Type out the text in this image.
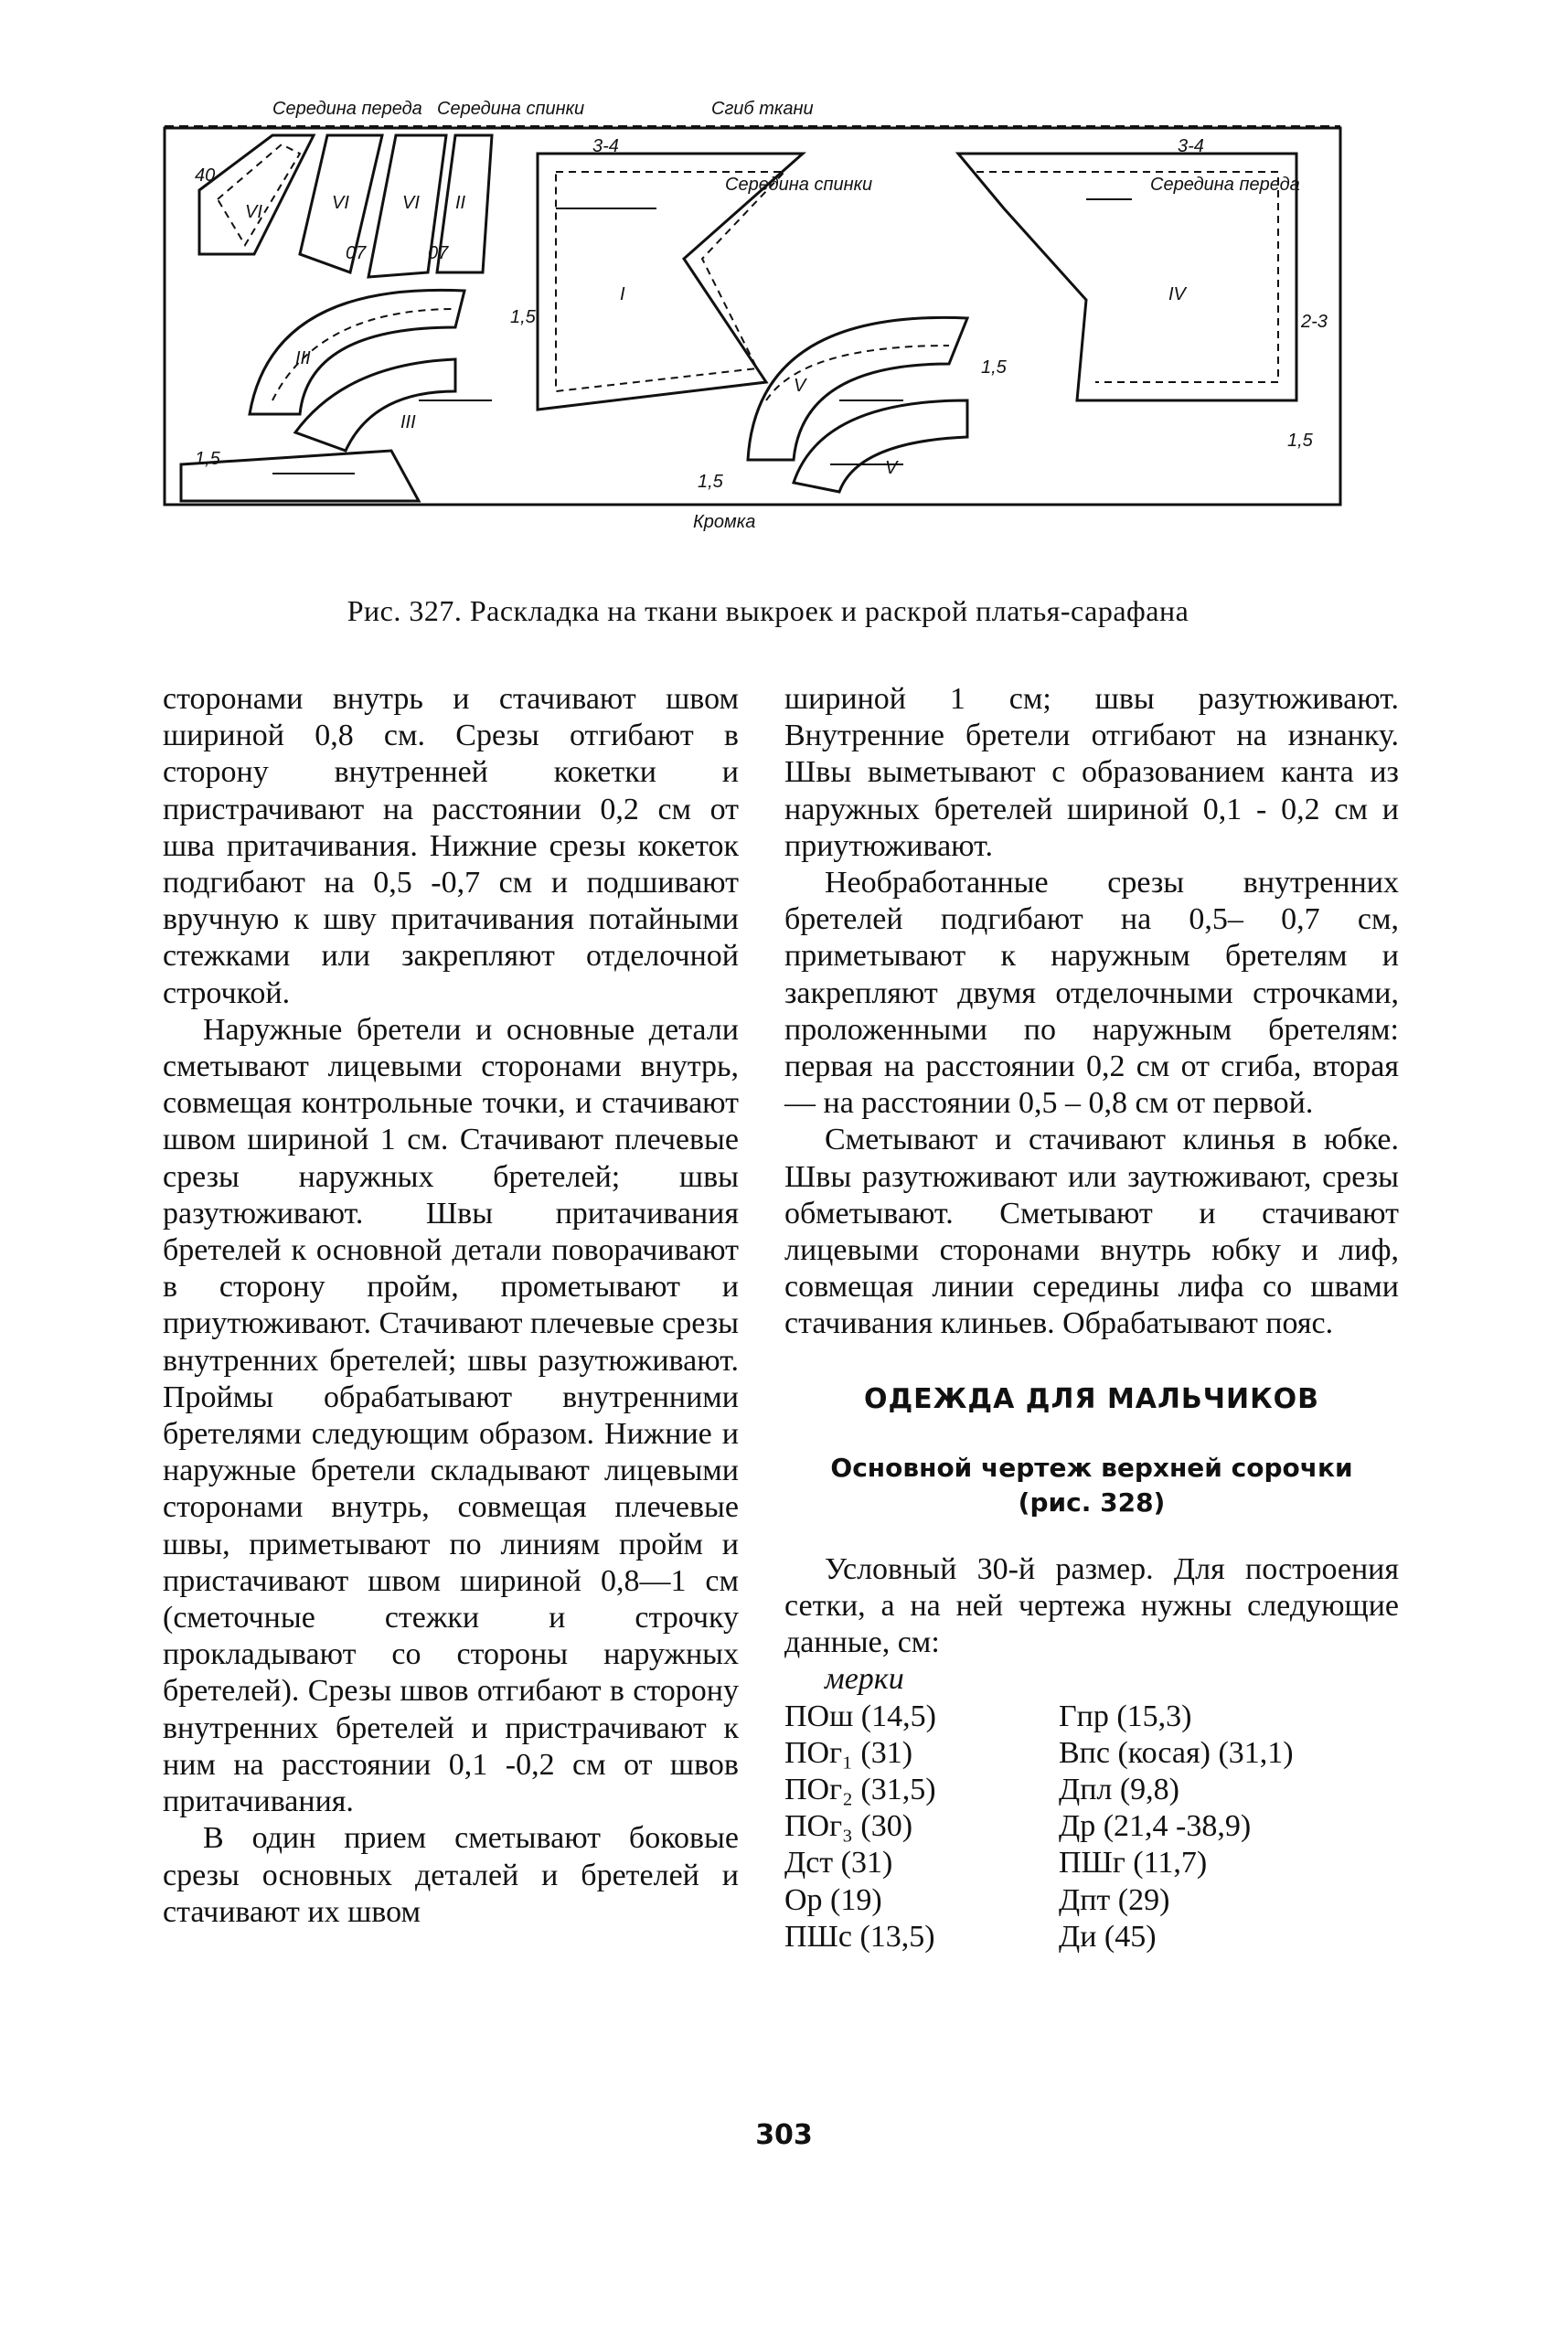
VI	VI	VI II
III
III
I
V
V
IV
40
07	07
3-4	3-4
1,5
1,5
1,5
1,5
2-3
1,5
Середина спинки	Середина переда
Середина переда Середина спинки	Сгиб ткани
Кромка
Рис. 327. Раскладка на ткани выкроек и раскрой платья-сарафана

сторонами внутрь и стачивают швом шириной 0,8 см. Срезы отгибают в сторону внутренней кокетки и пристрачивают на расстоянии 0,2 см от шва притачивания. Нижние срезы кокеток подгибают на 0,5 -0,7 см и подшивают вручную к шву притачивания потайными стежками или закрепляют отделочной строчкой.

Наружные бретели и основные детали сметывают лицевыми сторонами внутрь, совмещая контрольные точки, и стачивают швом шириной 1 см. Стачивают плечевые срезы наружных бретелей; швы разутюживают. Швы притачивания бретелей к основной детали поворачивают в сторону пройм, прометывают и приутюживают. Стачивают плечевые срезы внутренних бретелей; швы разутюживают. Проймы обрабатывают внутренними бретелями следующим образом. Нижние и наружные бретели складывают лицевыми сторонами внутрь, совмещая плечевые швы, приметывают по линиям пройм и пристачивают швом шириной 0,8—1 см (сметочные стежки и строчку прокладывают со стороны наружных бретелей). Срезы швов отгибают в сторону внутренних бретелей и пристрачивают к ним на расстоянии 0,1 -0,2 см от швов притачивания.

В один прием сметывают боковые срезы основных деталей и бретелей и стачивают их швом

шириной 1 см; швы разутюживают. Внутренние бретели отгибают на изнанку. Швы выметывают с образованием канта из наружных бретелей шириной 0,1 - 0,2 см и приутюживают.

Необработанные срезы внутренних бретелей подгибают на 0,5– 0,7 см, приметывают к наружным бретелям и закрепляют двумя отделочными строчками, проложенными по наружным бретелям: первая на расстоянии 0,2 см от сгиба, вторая — на расстоянии 0,5 – 0,8 см от первой.

Сметывают и стачивают клинья в юбке. Швы разутюживают или заутюживают, срезы обметывают. Сметывают и стачивают лицевыми сторонами внутрь юбку и лиф, совмещая линии середины лифа со швами стачивания клиньев. Обрабатывают пояс.

ОДЕЖДА ДЛЯ МАЛЬЧИКОВ
Основной чертеж верхней сорочки
(рис. 328)

Условный 30-й размер. Для построения сетки, а на ней чертежа нужны следующие данные, см:

мерки
ПОш (14,5)	Гпр (15,3)
ПОг₁ (31)	Впс (косая) (31,1)
ПОг₂ (31,5)	Дпл (9,8)
ПОг₃ (30)	Др (21,4 -38,9)
Дст (31)	ПШг (11,7)
Ор (19)	Дпт (29)
ПШс (13,5)	Ди (45)
303
